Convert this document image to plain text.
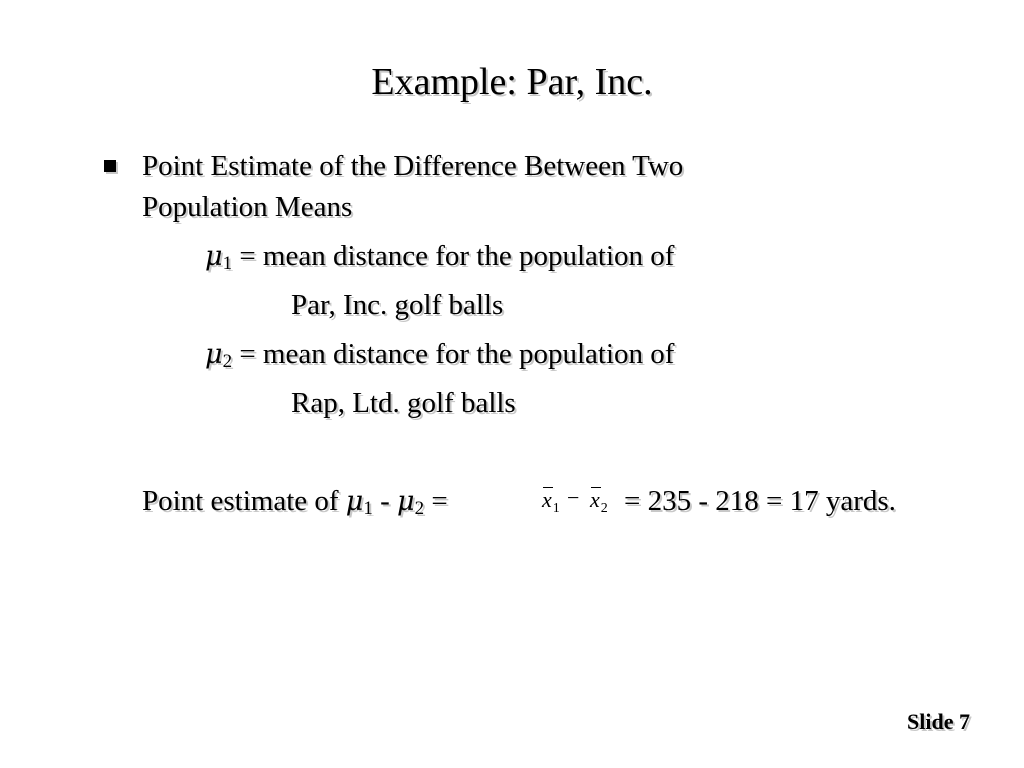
Example: Par, Inc.
Point Estimate of the Difference Between Two
Population Means
$\mu_1$ = mean distance for the population of
Par, Inc. golf balls
$\mu_2$ = mean distance for the population of
Rap, Ltd. golf balls
Point estimate of $\mu_1 - \mu_2$ =	$x_1 - x_2 = 235 - 218 = 17$ yards.
Slide 7
